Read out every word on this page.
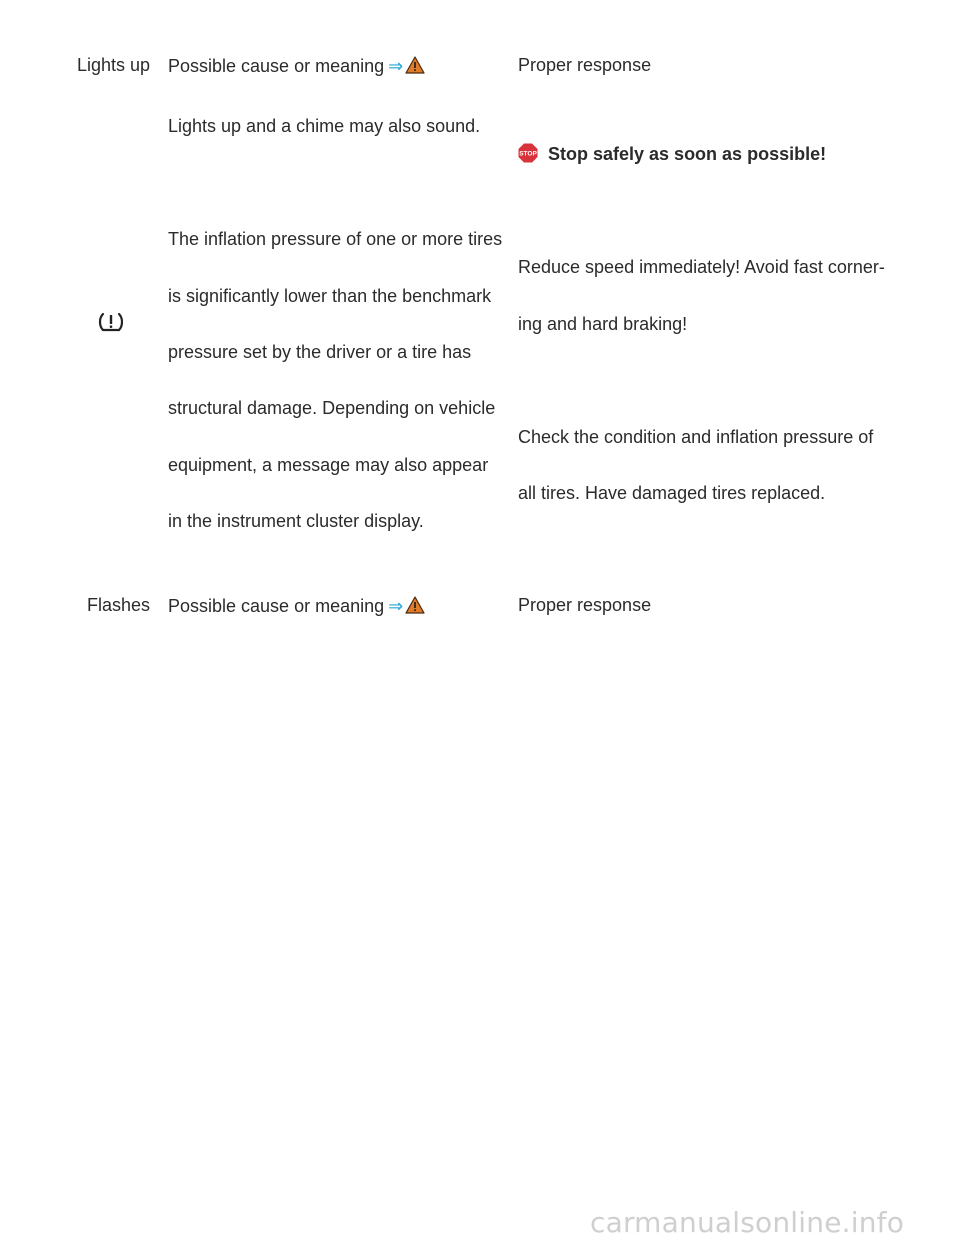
Lights up Possible cause or meaning ⇒	Proper response
Lights up and a chime may also sound.
The inflation pressure of one or more tires
is significantly lower than the benchmark
pressure set by the driver or a tire has
structural damage. Depending on vehicle
equipment, a message may also appear
in the instrument cluster display.
STOP Stop safely as soon as possible!
Reduce speed immediately! Avoid fast corner-
ing and hard braking!
Check the condition and inflation pressure of
all tires. Have damaged tires replaced.
Flashes Possible cause or meaning ⇒	Proper response
carmanualsonline.info
